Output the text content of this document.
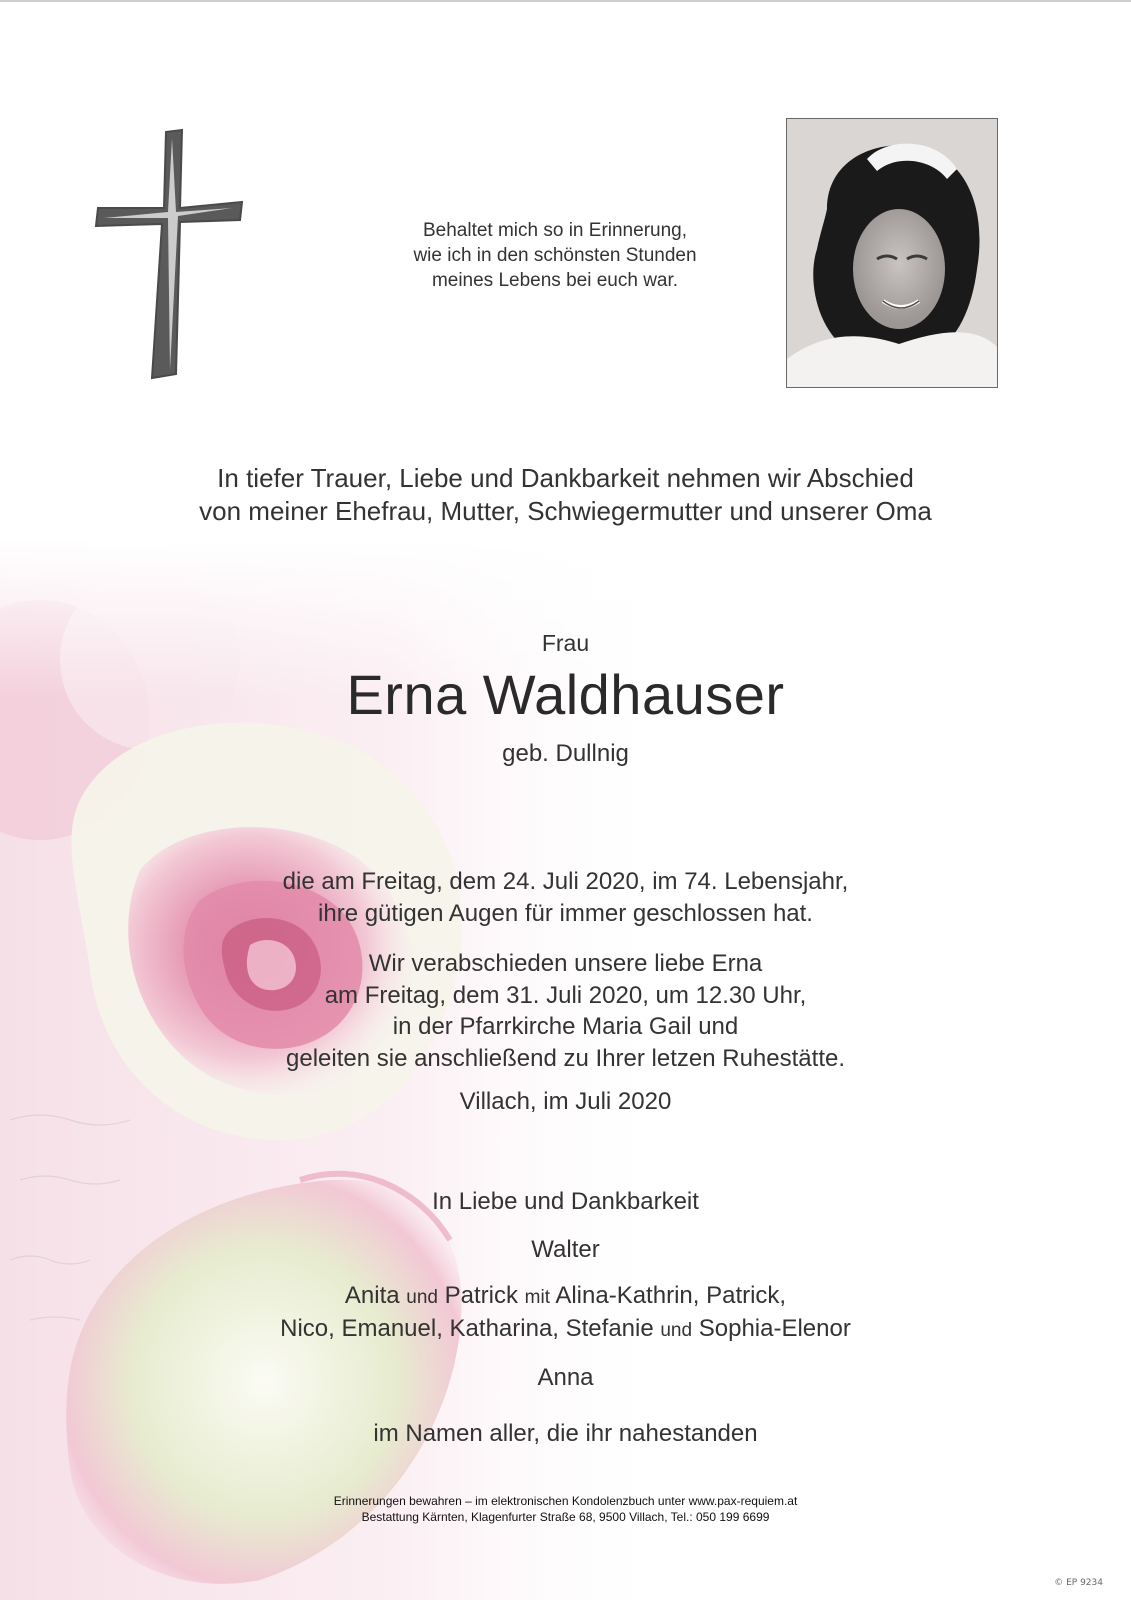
Behaltet mich so in Erinnerung,
wie ich in den schönsten Stunden
meines Lebens bei euch war.
In tiefer Trauer, Liebe und Dankbarkeit nehmen wir Abschied
von meiner Ehefrau, Mutter, Schwiegermutter und unserer Oma
Frau
Erna Waldhauser
geb. Dullnig
die am Freitag, dem 24. Juli 2020, im 74. Lebensjahr,
ihre gütigen Augen für immer geschlossen hat.
Wir verabschieden unsere liebe Erna
am Freitag, dem 31. Juli 2020, um 12.30 Uhr,
in der Pfarrkirche Maria Gail und
geleiten sie anschließend zu Ihrer letzen Ruhestätte.
Villach, im Juli 2020
In Liebe und Dankbarkeit
Walter
Anita und Patrick mit Alina-Kathrin, Patrick,
Nico, Emanuel, Katharina, Stefanie und Sophia-Elenor
Anna
im Namen aller, die ihr nahestanden
Erinnerungen bewahren – im elektronischen Kondolenzbuch unter www.pax-requiem.at
Bestattung Kärnten, Klagenfurter Straße 68, 9500 Villach, Tel.: 050 199 6699
© EP 9234
